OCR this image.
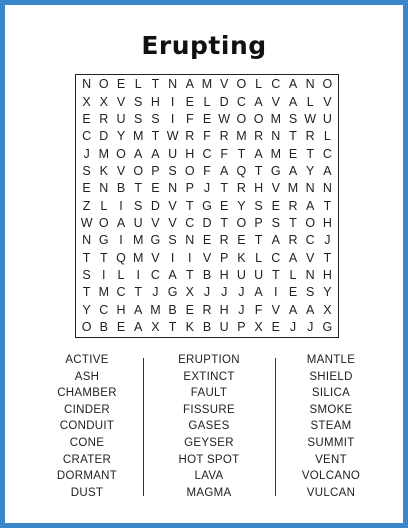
Erupting
N O E L T N A M V O L C A N O
X X V S H I E L D C A V A L V
E R U S S I F E W O O M S W U
C D Y M T W R F R M R N T R L
J M O A A U H C F T A M E T C
S K V O P S O F A Q T G A Y A
E N B T E N P J T R H V M N N
Z L I S D V T G E Y S E R A T
W O A U V V C D T O P S T O H
N G I M G S N E R E T A R C J
T T Q M V I	I V P K L C A V T
S I L I C A T B H U U T L N H
T M C T J G X J J J A I E S Y
Y C H A M B E R H J F V A A X
O B E A X T K B U P X E J J G
ACTIVE
ASH
CHAMBER
CINDER
CONDUIT
CONE
CRATER
DORMANT
DUST
ERUPTION
EXTINCT
FAULT
FISSURE
GASES
GEYSER
HOT SPOT
LAVA
MAGMA
MANTLE
SHIELD
SILICA
SMOKE
STEAM
SUMMIT
VENT
VOLCANO
VULCAN
